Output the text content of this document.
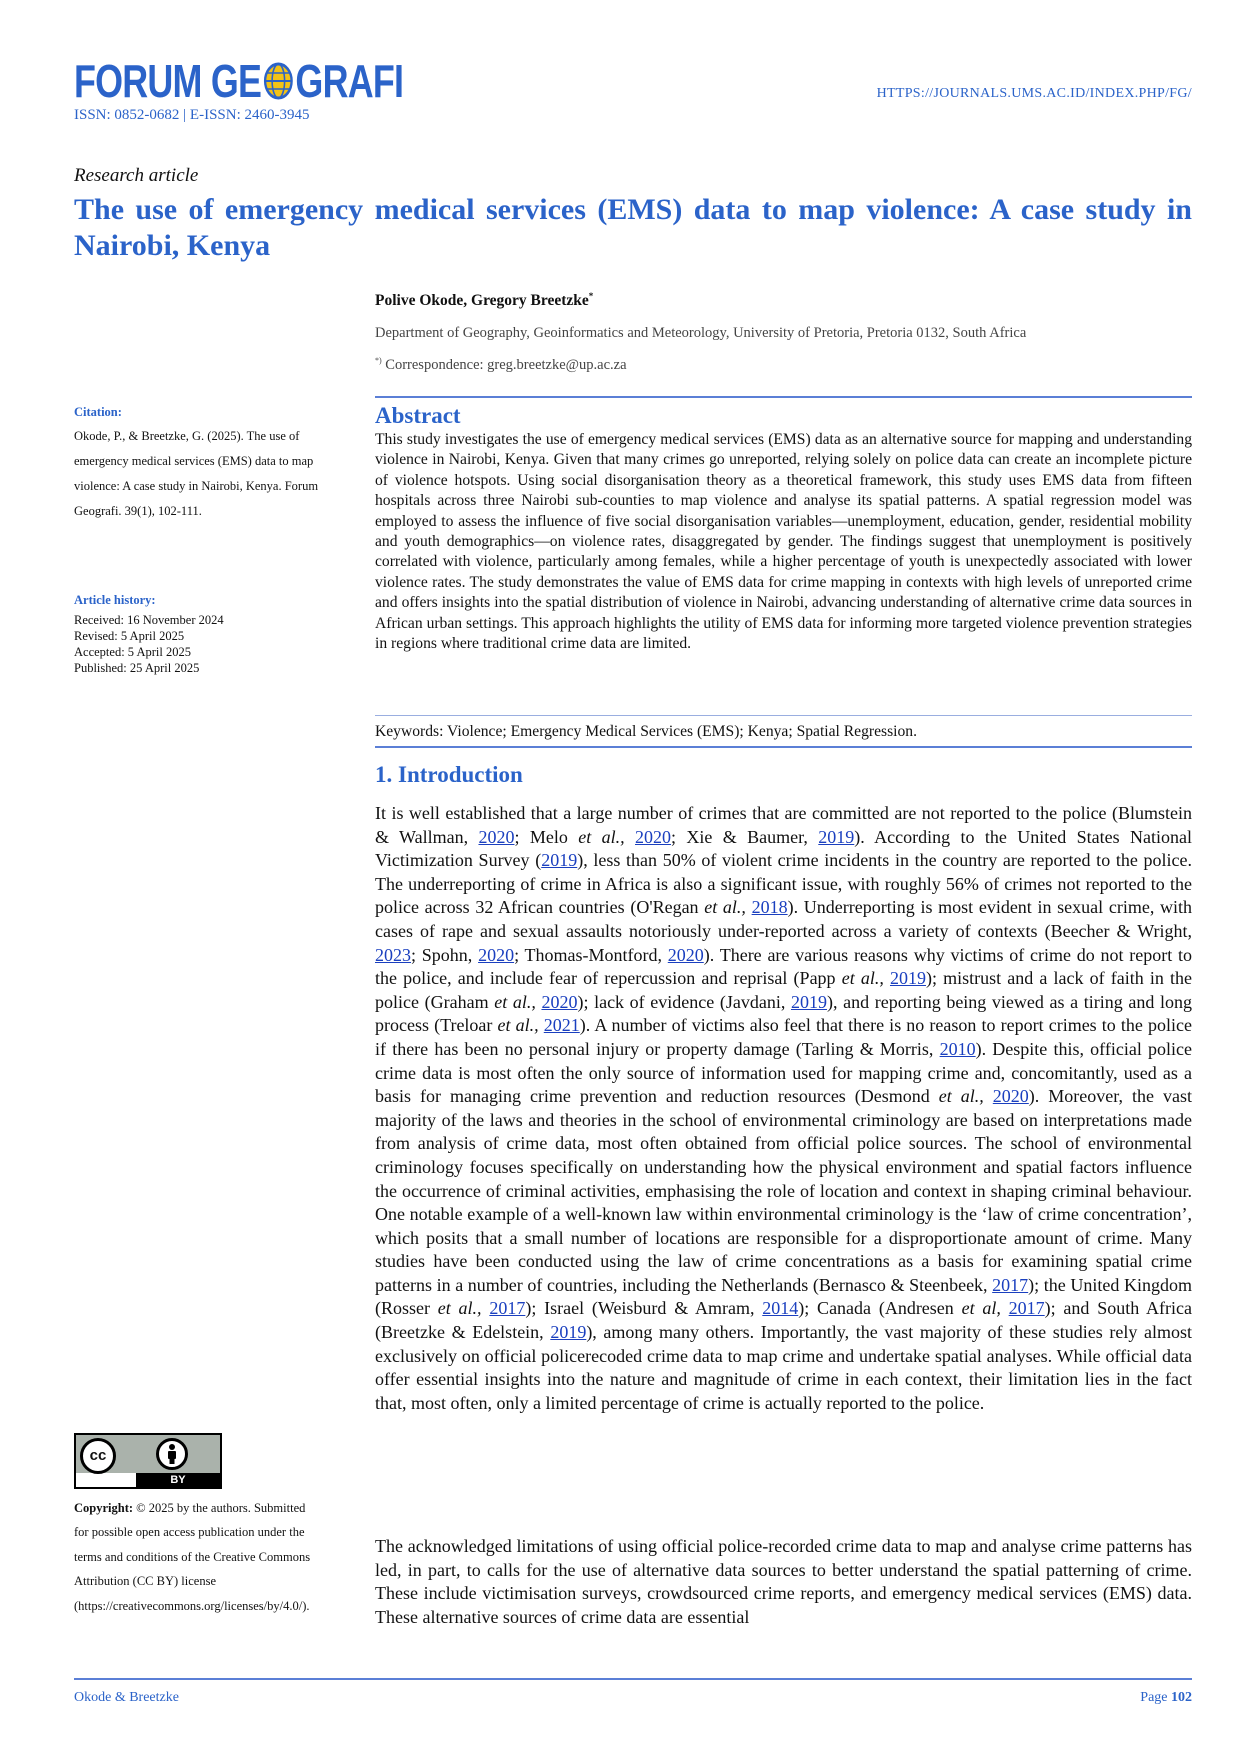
FORUM GE GRAFI
ISSN: 0852-0682 | E-ISSN: 2460-3945
HTTPS://JOURNALS.UMS.AC.ID/INDEX.PHP/FG/
Research article
The use of emergency medical services (EMS) data to map violence: A case study in Nairobi, Kenya
Polive Okode, Gregory Breetzke*
Department of Geography, Geoinformatics and Meteorology, University of Pretoria, Pretoria 0132, South Africa
*) Correspondence: greg.breetzke@up.ac.za
Citation:
Okode, P., & Breetzke, G. (2025). The use of emergency medical services (EMS) data to map violence: A case study in Nairobi, Kenya. Forum Geografi. 39(1), 102-111.
Article history:

Received: 16 November 2024

Revised: 5 April 2025

Accepted: 5 April 2025

Published: 25 April 2025

cc
BY
Copyright: © 2025 by the authors. Submitted for possible open access publication under the terms and conditions of the Creative Commons Attribution (CC BY) license (https://creativecommons.org/licenses/by/4.0/).
Abstract

This study investigates the use of emergency medical services (EMS) data as an alternative source for mapping and understanding violence in Nairobi, Kenya. Given that many crimes go unreported, relying solely on police data can create an incomplete picture of violence hotspots. Using social disorganisation theory as a theoretical framework, this study uses EMS data from fifteen hospitals across three Nairobi sub-counties to map violence and analyse its spatial patterns. A spatial regression model was employed to assess the influence of five social disorganisation variables—unemployment, education, gender, residential mobility and youth demographics—on violence rates, disaggregated by gender. The findings suggest that unemployment is positively correlated with violence, particularly among females, while a higher percentage of youth is unexpectedly associated with lower violence rates. The study demonstrates the value of EMS data for crime mapping in contexts with high levels of unreported crime and offers insights into the spatial distribution of violence in Nairobi, advancing understanding of alternative crime data sources in African urban settings. This approach highlights the utility of EMS data for informing more targeted violence prevention strategies in regions where traditional crime data are limited.

Keywords: Violence; Emergency Medical Services (EMS); Kenya; Spatial Regression.
1. Introduction

It is well established that a large number of crimes that are committed are not reported to the police (Blumstein & Wallman, 2020; Melo et al., 2020; Xie & Baumer, 2019). According to the United States National Victimization Survey (2019), less than 50% of violent crime incidents in the country are reported to the police. The underreporting of crime in Africa is also a significant issue, with roughly 56% of crimes not reported to the police across 32 African countries (O'Regan et al., 2018). Underreporting is most evident in sexual crime, with cases of rape and sexual assaults notoriously under-reported across a variety of contexts (Beecher & Wright, 2023; Spohn, 2020; Thomas-Montford, 2020). There are various reasons why victims of crime do not report to the police, and include fear of repercussion and reprisal (Papp et al., 2019); mistrust and a lack of faith in the police (Graham et al., 2020); lack of evidence (Javdani, 2019), and reporting being viewed as a tiring and long process (Treloar et al., 2021). A number of victims also feel that there is no reason to report crimes to the police if there has been no personal injury or property damage (Tarling & Morris, 2010). Despite this, official police crime data is most often the only source of information used for mapping crime and, concomitantly, used as a basis for managing crime prevention and reduction resources (Desmond et al., 2020). Moreover, the vast majority of the laws and theories in the school of environmental criminology are based on interpretations made from analysis of crime data, most often obtained from official police sources. The school of environmental criminology focuses specifically on understanding how the physical environment and spatial factors influence the occurrence of criminal activities, emphasising the role of location and context in shaping criminal behaviour. One notable example of a well-known law within environmental criminology is the ‘law of crime concentration’, which posits that a small number of locations are responsible for a disproportionate amount of crime. Many studies have been conducted using the law of crime concentrations as a basis for examining spatial crime patterns in a number of countries, including the Netherlands (Bernasco & Steenbeek, 2017); the United Kingdom (Rosser et al., 2017); Israel (Weisburd & Amram, 2014); Canada (Andresen et al, 2017); and South Africa (Breetzke & Edelstein, 2019), among many others. Importantly, the vast majority of these studies rely almost exclusively on official policerecoded crime data to map crime and undertake spatial analyses. While official data offer essential insights into the nature and magnitude of crime in each context, their limitation lies in the fact that, most often, only a limited percentage of crime is actually reported to the police.

The acknowledged limitations of using official police-recorded crime data to map and analyse crime patterns has led, in part, to calls for the use of alternative data sources to better understand the spatial patterning of crime. These include victimisation surveys, crowdsourced crime reports, and emergency medical services (EMS) data. These alternative sources of crime data are essential

Okode & Breetzke	Page 102
